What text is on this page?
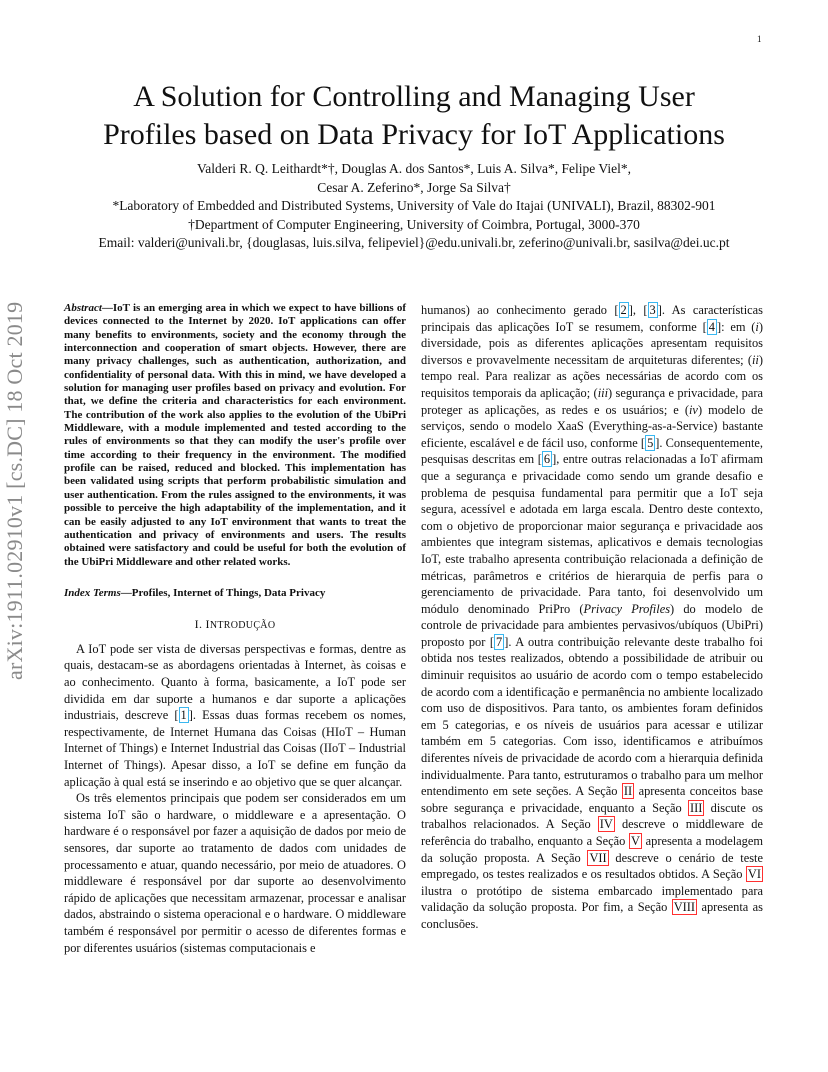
1
arXiv:1911.02910v1 [cs.DC] 18 Oct 2019
A Solution for Controlling and Managing User
Profiles based on Data Privacy for IoT Applications
Valderi R. Q. Leithardt*†, Douglas A. dos Santos*, Luis A. Silva*, Felipe Viel*,
Cesar A. Zeferino*, Jorge Sa Silva†
*Laboratory of Embedded and Distributed Systems, University of Vale do Itajai (UNIVALI), Brazil, 88302-901
†Department of Computer Engineering, University of Coimbra, Portugal, 3000-370
Email: valderi@univali.br, {douglasas, luis.silva, felipeviel}@edu.univali.br, zeferino@univali.br, sasilva@dei.uc.pt
Abstract—IoT is an emerging area in which we expect to have billions of devices connected to the Internet by 2020. IoT applications can offer many benefits to environments, society and the economy through the interconnection and cooperation of smart objects. However, there are many privacy challenges, such as authentication, authorization, and confidentiality of personal data. With this in mind, we have developed a solution for managing user profiles based on privacy and evolution. For that, we define the criteria and characteristics for each environment. The contribution of the work also applies to the evolution of the UbiPri Middleware, with a module implemented and tested according to the rules of environments so that they can modify the user's profile over time according to their frequency in the environment. The modified profile can be raised, reduced and blocked. This implementation has been validated using scripts that perform probabilistic simulation and user authentication. From the rules assigned to the environments, it was possible to perceive the high adaptability of the implementation, and it can be easily adjusted to any IoT environment that wants to treat the authentication and privacy of environments and users. The results obtained were satisfactory and could be useful for both the evolution of the UbiPri Middleware and other related works.
Index Terms—Profiles, Internet of Things, Data Privacy
I. INTRODUÇÃO

A IoT pode ser vista de diversas perspectivas e formas, dentre as quais, destacam-se as abordagens orientadas à Internet, às coisas e ao conhecimento. Quanto à forma, basicamente, a IoT pode ser dividida em dar suporte a humanos e dar suporte a aplicações industriais, descreve [ 1 ]. Essas duas formas recebem os nomes, respectivamente, de Internet Humana das Coisas (HIoT – Human Internet of Things) e Internet Industrial das Coisas (IIoT – Industrial Internet of Things). Apesar disso, a IoT se define em função da aplicação à qual está se inserindo e ao objetivo que se quer alcançar.

Os três elementos principais que podem ser considerados em um sistema IoT são o hardware, o middleware e a apresentação. O hardware é o responsável por fazer a aquisição de dados por meio de sensores, dar suporte ao tratamento de dados com unidades de processamento e atuar, quando necessário, por meio de atuadores. O middleware é responsável por dar suporte ao desenvolvimento rápido de aplicações que necessitam armazenar, processar e analisar dados, abstraindo o sistema operacional e o hardware. O middleware também é responsável por permitir o acesso de diferentes formas e por diferentes usuários (sistemas computacionais e

humanos) ao conhecimento gerado [ 2 ], [ 3 ]. As características principais das aplicações IoT se resumem, conforme [ 4 ]: em (i) diversidade, pois as diferentes aplicações apresentam requisitos diversos e provavelmente necessitam de arquiteturas diferentes; (ii) tempo real. Para realizar as ações necessárias de acordo com os requisitos temporais da aplicação; (iii) segurança e privacidade, para proteger as aplicações, as redes e os usuários; e (iv) modelo de serviços, sendo o modelo XaaS (Everything-as-a-Service) bastante eficiente, escalável e de fácil uso, conforme [ 5 ]. Consequentemente, pesquisas descritas em [ 6 ], entre outras relacionadas a IoT afirmam que a segurança e privacidade como sendo um grande desafio e problema de pesquisa fundamental para permitir que a IoT seja segura, acessível e adotada em larga escala. Dentro deste contexto, com o objetivo de proporcionar maior segurança e privacidade aos ambientes que integram sistemas, aplicativos e demais tecnologias IoT, este trabalho apresenta contribuição relacionada a definição de métricas, parâmetros e critérios de hierarquia de perfis para o gerenciamento de privacidade. Para tanto, foi desenvolvido um módulo denominado PriPro (Privacy Profiles) do modelo de controle de privacidade para ambientes pervasivos/ubíquos (UbiPri) proposto por [ 7 ]. A outra contribuição relevante deste trabalho foi obtida nos testes realizados, obtendo a possibilidade de atribuir ou diminuir requisitos ao usuário de acordo com o tempo estabelecido de acordo com a identificação e permanência no ambiente localizado com uso de dispositivos. Para tanto, os ambientes foram definidos em 5 categorias, e os níveis de usuários para acessar e utilizar também em 5 categorias. Com isso, identificamos e atribuímos diferentes níveis de privacidade de acordo com a hierarquia definida individualmente. Para tanto, estruturamos o trabalho para um melhor entendimento em sete seções. A Seção II apresenta conceitos base sobre segurança e privacidade, enquanto a Seção III discute os trabalhos relacionados. A Seção IV descreve o middleware de referência do trabalho, enquanto a Seção V apresenta a modelagem da solução proposta. A Seção VII descreve o cenário de teste empregado, os testes realizados e os resultados obtidos. A Seção VI ilustra o protótipo de sistema embarcado implementado para validação da solução proposta. Por fim, a Seção VIII apresenta as conclusões.
